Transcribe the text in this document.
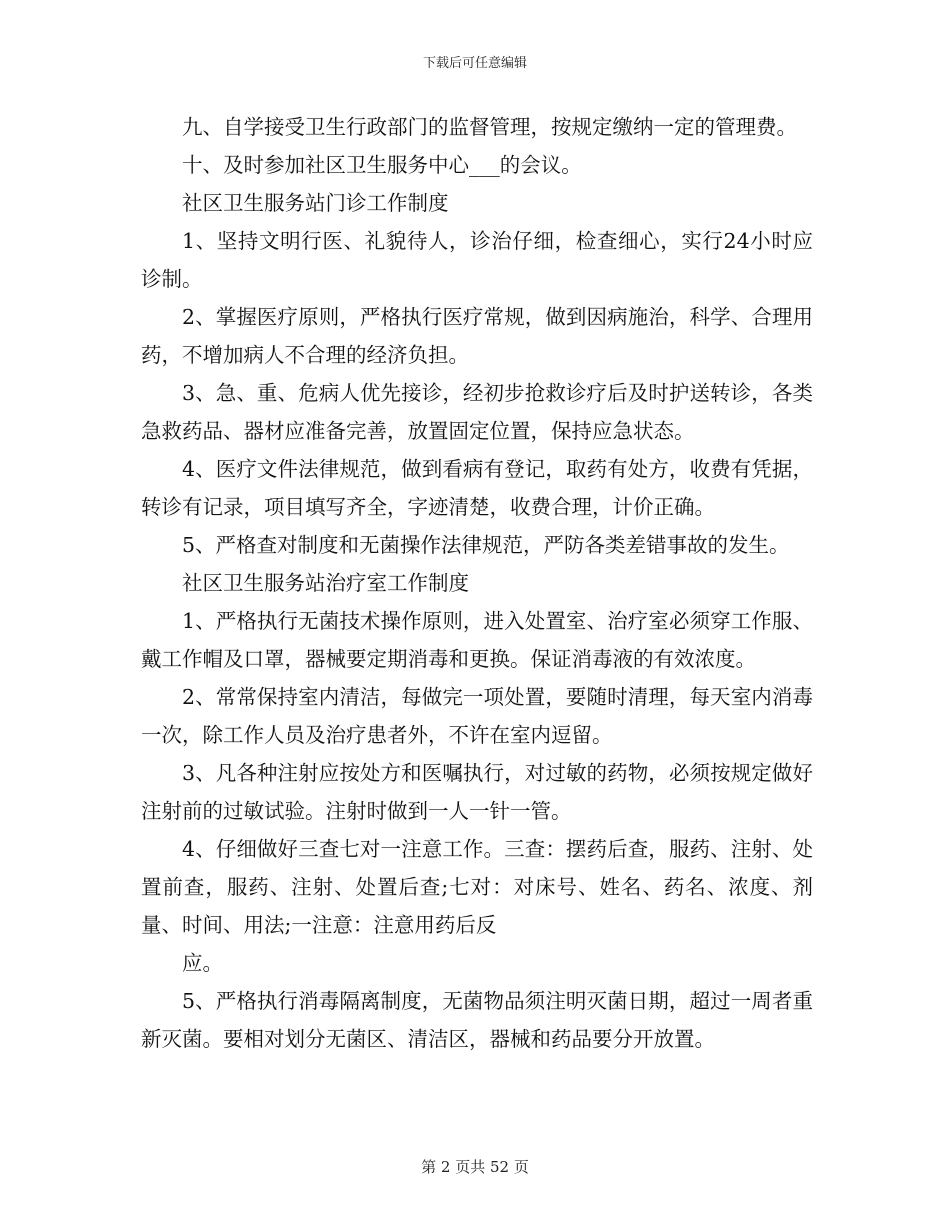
下载后可任意编辑

九、自学接受卫生行政部门的监督管理，按规定缴纳一定的管理费。

十、及时参加社区卫生服务中心___的会议。

社区卫生服务站门诊工作制度

1、坚持文明行医、礼貌待人，诊治仔细，检查细心，实行24小时应诊制。

2、掌握医疗原则，严格执行医疗常规，做到因病施治，科学、合理用药，不增加病人不合理的经济负担。

3、急、重、危病人优先接诊，经初步抢救诊疗后及时护送转诊，各类急救药品、器材应准备完善，放置固定位置，保持应急状态。

4、医疗文件法律规范，做到看病有登记，取药有处方，收费有凭据，转诊有记录，项目填写齐全，字迹清楚，收费合理，计价正确。

5、严格查对制度和无菌操作法律规范，严防各类差错事故的发生。

社区卫生服务站治疗室工作制度

1、严格执行无菌技术操作原则，进入处置室、治疗室必须穿工作服、戴工作帽及口罩，器械要定期消毒和更换。保证消毒液的有效浓度。

2、常常保持室内清洁，每做完一项处置，要随时清理，每天室内消毒一次，除工作人员及治疗患者外，不许在室内逗留。

3、凡各种注射应按处方和医嘱执行，对过敏的药物，必须按规定做好注射前的过敏试验。注射时做到一人一针一管。

4、仔细做好三查七对一注意工作。三查：摆药后查，服药、注射、处置前查，服药、注射、处置后查;七对：对床号、姓名、药名、浓度、剂量、时间、用法;一注意：注意用药后反

应。

5、严格执行消毒隔离制度，无菌物品须注明灭菌日期，超过一周者重新灭菌。要相对划分无菌区、清洁区，器械和药品要分开放置。

第 2 页共 52 页
